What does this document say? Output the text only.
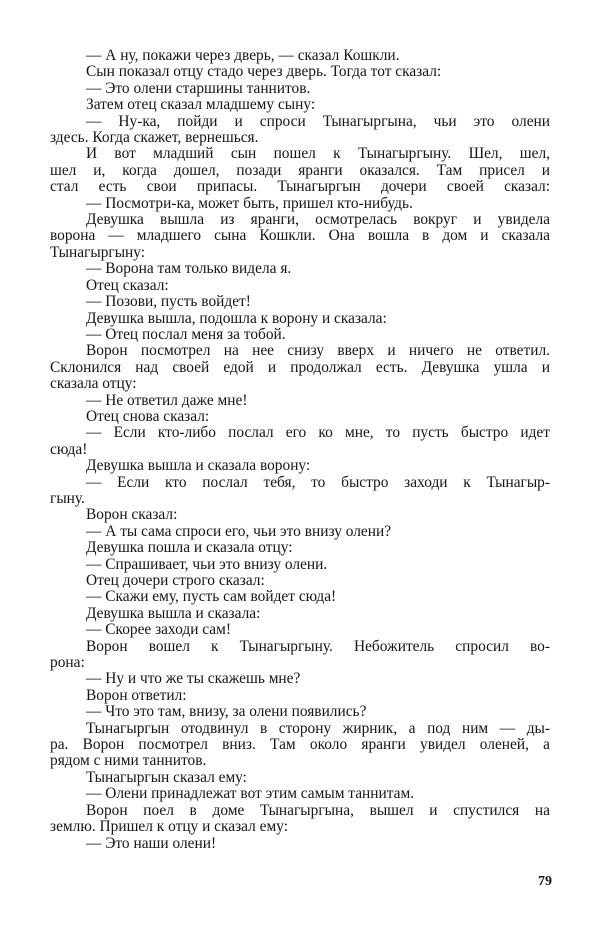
— А ну, покажи через дверь, — сказал Кошкли.
Сын показал отцу стадо через дверь. Тогда тот сказал:
— Это олени старшины таннитов.
Затем отец сказал младшему сыну:
— Ну-ка, пойди и спроси Тынагыргына, чьи это олени
здесь. Когда скажет, вернешься.
И вот младший сын пошел к Тынагыргыну. Шел, шел,
шел и, когда дошел, позади яранги оказался. Там присел и
стал есть свои припасы. Тынагыргын дочери своей сказал:
— Посмотри-ка, может быть, пришел кто-нибудь.
Девушка вышла из яранги, осмотрелась вокруг и увидела
ворона — младшего сына Кошкли. Она вошла в дом и сказала
Тынагыргыну:
— Ворона там только видела я.
Отец сказал:
— Позови, пусть войдет!
Девушка вышла, подошла к ворону и сказала:
— Отец послал меня за тобой.
Ворон посмотрел на нее снизу вверх и ничего не ответил.
Склонился над своей едой и продолжал есть. Девушка ушла и
сказала отцу:
— Не ответил даже мне!
Отец снова сказал:
— Если кто-либо послал его ко мне, то пусть быстро идет
сюда!
Девушка вышла и сказала ворону:
— Если кто послал тебя, то быстро заходи к Тынагыр-
гыну.
Ворон сказал:
— А ты сама спроси его, чьи это внизу олени?
Девушка пошла и сказала отцу:
— Спрашивает, чьи это внизу олени.
Отец дочери строго сказал:
— Скажи ему, пусть сам войдет сюда!
Девушка вышла и сказала:
— Скорее заходи сам!
Ворон вошел к Тынагыргыну. Небожитель спросил во-
рона:
— Ну и что же ты скажешь мне?
Ворон ответил:
— Что это там, внизу, за олени появились?
Тынагыргын отодвинул в сторону жирник, а под ним — ды-
ра. Ворон посмотрел вниз. Там около яранги увидел оленей, а
рядом с ними таннитов.
Тынагыргын сказал ему:
— Олени принадлежат вот этим самым таннитам.
Ворон поел в доме Тынагыргына, вышел и спустился на
землю. Пришел к отцу и сказал ему:
— Это наши олени!
79
